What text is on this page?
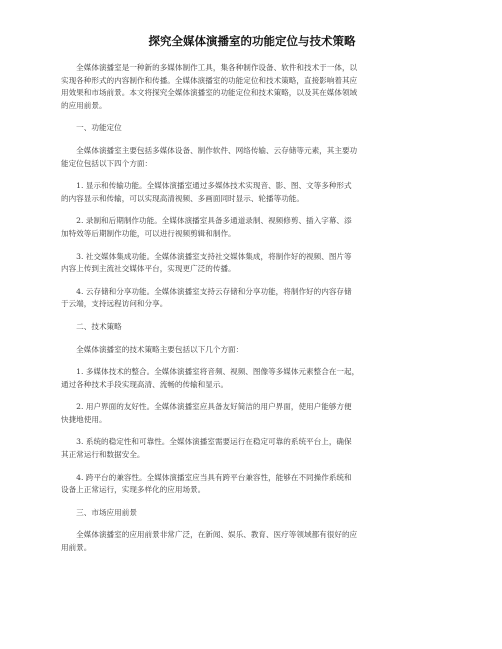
探究全媒体演播室的功能定位与技术策略
　　全媒体演播室是一种新的多媒体制作工具，集各种制作设备、软件和技术于一体，以
实现各种形式的内容制作和传播。全媒体演播室的功能定位和技术策略，直接影响着其应
用效果和市场前景。本文将探究全媒体演播室的功能定位和技术策略，以及其在媒体领域
的应用前景。
　　一、功能定位
　　全媒体演播室主要包括多媒体设备、制作软件、网络传输、云存储等元素，其主要功
能定位包括以下四个方面：
　　1. 显示和传输功能。全媒体演播室通过多媒体技术实现音、影、图、文等多种形式
的内容显示和传输，可以实现高清视频、多画面同时显示、轮播等功能。
　　2. 录制和后期制作功能。全媒体演播室具备多通道录制、视频修剪、插入字幕、添
加特效等后期制作功能，可以进行视频剪辑和制作。
　　3. 社交媒体集成功能。全媒体演播室支持社交媒体集成，将制作好的视频、图片等
内容上传到主流社交媒体平台，实现更广泛的传播。
　　4. 云存储和分享功能。全媒体演播室支持云存储和分享功能，将制作好的内容存储
于云端，支持远程访问和分享。
　　二、技术策略
　　全媒体演播室的技术策略主要包括以下几个方面：
　　1. 多媒体技术的整合。全媒体演播室将音频、视频、图像等多媒体元素整合在一起，
通过各种技术手段实现高清、流畅的传输和显示。
　　2. 用户界面的友好性。全媒体演播室应具备友好简洁的用户界面，使用户能够方便
快捷地使用。
　　3. 系统的稳定性和可靠性。全媒体演播室需要运行在稳定可靠的系统平台上，确保
其正常运行和数据安全。
　　4. 跨平台的兼容性。全媒体演播室应当具有跨平台兼容性，能够在不同操作系统和
设备上正常运行，实现多样化的应用场景。
　　三、市场应用前景
　　全媒体演播室的应用前景非常广泛，在新闻、娱乐、教育、医疗等领域都有很好的应
用前景。
